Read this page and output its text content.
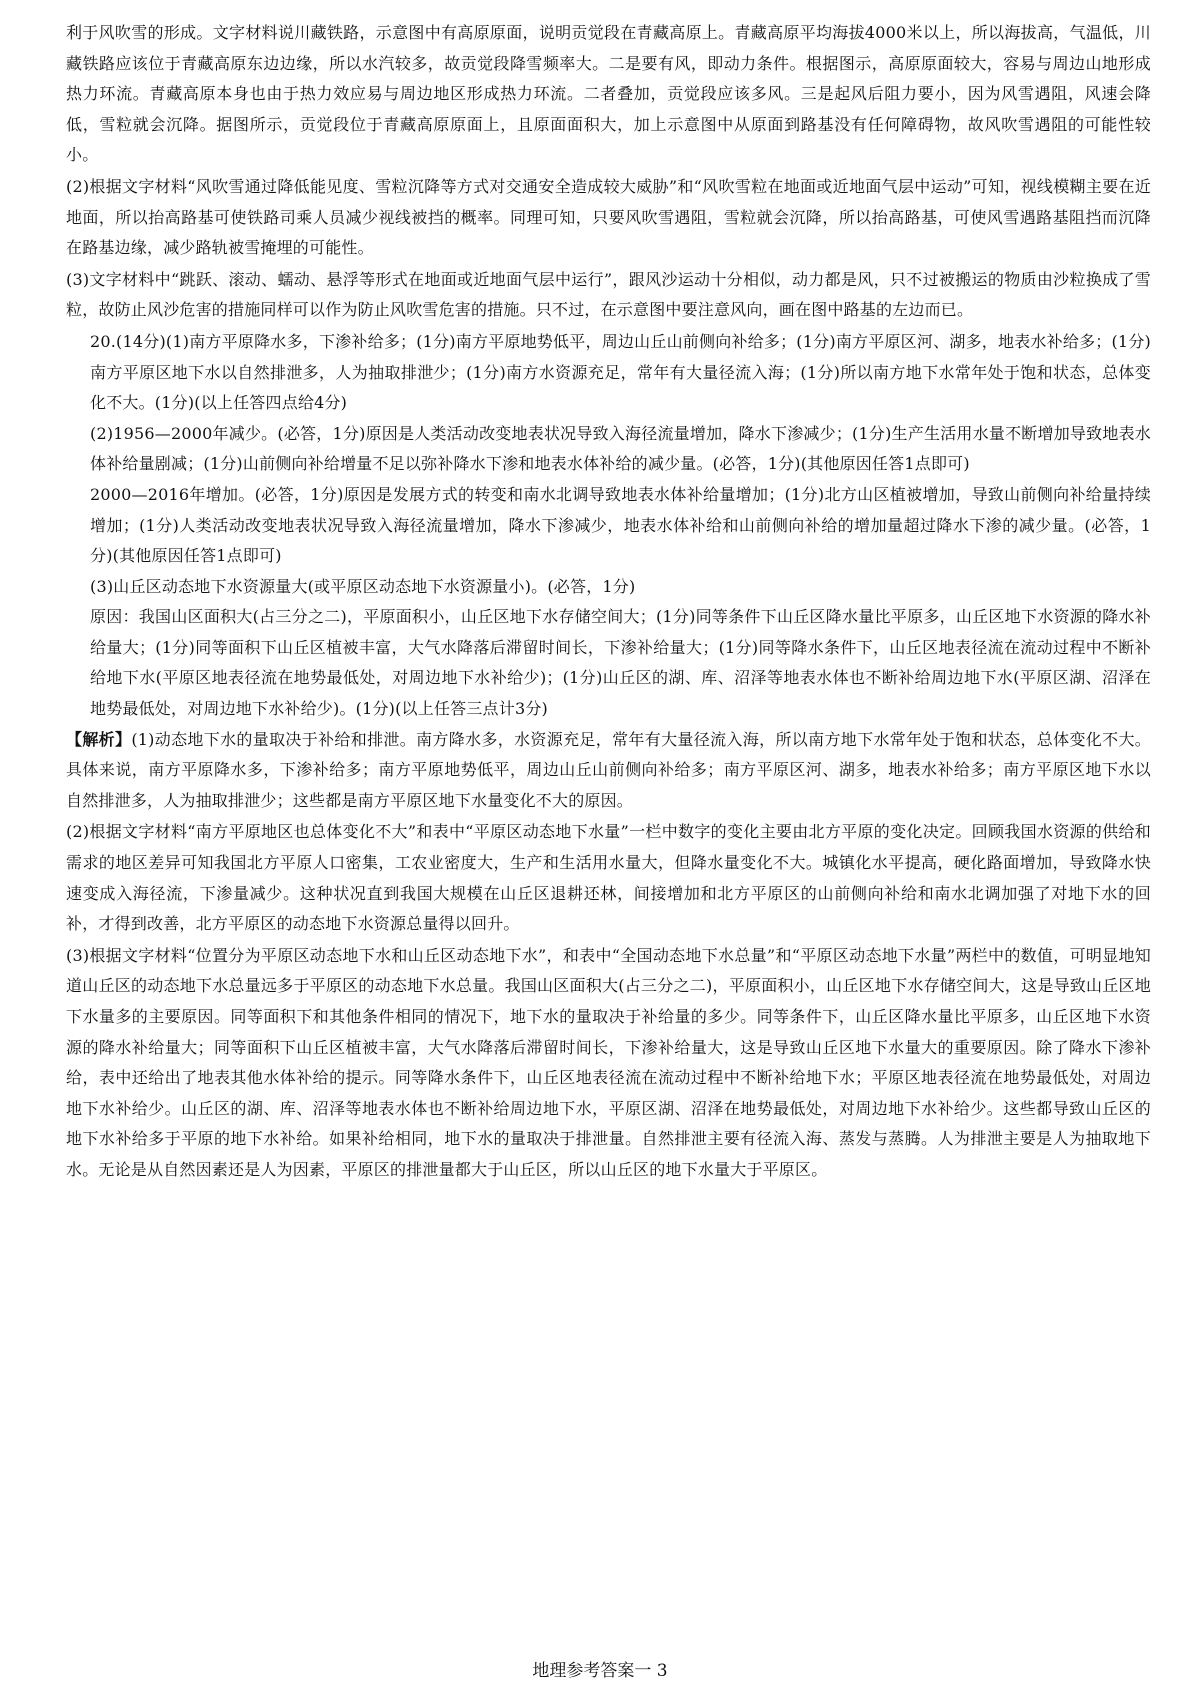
利于风吹雪的形成。文字材料说川藏铁路，示意图中有高原原面，说明贡觉段在青藏高原上。青藏高原平均海拔4000米以上，所以海拔高，气温低，川藏铁路应该位于青藏高原东边边缘，所以水汽较多，故贡觉段降雪频率大。二是要有风，即动力条件。根据图示，高原原面较大，容易与周边山地形成热力环流。青藏高原本身也由于热力效应易与周边地区形成热力环流。二者叠加，贡觉段应该多风。三是起风后阻力要小，因为风雪遇阻，风速会降低，雪粒就会沉降。据图所示，贡觉段位于青藏高原原面上，且原面面积大，加上示意图中从原面到路基没有任何障碍物，故风吹雪遇阻的可能性较小。

(2)根据文字材料“风吹雪通过降低能见度、雪粒沉降等方式对交通安全造成较大威胁”和“风吹雪粒在地面或近地面气层中运动”可知，视线模糊主要在近地面，所以抬高路基可使铁路司乘人员减少视线被挡的概率。同理可知，只要风吹雪遇阻，雪粒就会沉降，所以抬高路基，可使风雪遇路基阻挡而沉降在路基边缘，减少路轨被雪掩埋的可能性。

(3)文字材料中“跳跃、滚动、蠕动、悬浮等形式在地面或近地面气层中运行”，跟风沙运动十分相似，动力都是风，只不过被搬运的物质由沙粒换成了雪粒，故防止风沙危害的措施同样可以作为防止风吹雪危害的措施。只不过，在示意图中要注意风向，画在图中路基的左边而已。

20.(14分)(1)南方平原降水多，下渗补给多；(1分)南方平原地势低平，周边山丘山前侧向补给多；(1分)南方平原区河、湖多，地表水补给多；(1分)南方平原区地下水以自然排泄多，人为抽取排泄少；(1分)南方水资源充足，常年有大量径流入海；(1分)所以南方地下水常年处于饱和状态，总体变化不大。(1分)(以上任答四点给4分)

(2)1956—2000年减少。(必答，1分)原因是人类活动改变地表状况导致入海径流量增加，降水下渗减少；(1分)生产生活用水量不断增加导致地表水体补给量剧减；(1分)山前侧向补给增量不足以弥补降水下渗和地表水体补给的减少量。(必答，1分)(其他原因任答1点即可)

2000—2016年增加。(必答，1分)原因是发展方式的转变和南水北调导致地表水体补给量增加；(1分)北方山区植被增加，导致山前侧向补给量持续增加；(1分)人类活动改变地表状况导致入海径流量增加，降水下渗减少，地表水体补给和山前侧向补给的增加量超过降水下渗的减少量。(必答，1分)(其他原因任答1点即可)

(3)山丘区动态地下水资源量大(或平原区动态地下水资源量小)。(必答，1分)

原因：我国山区面积大(占三分之二)，平原面积小，山丘区地下水存储空间大；(1分)同等条件下山丘区降水量比平原多，山丘区地下水资源的降水补给量大；(1分)同等面积下山丘区植被丰富，大气水降落后滞留时间长，下渗补给量大；(1分)同等降水条件下，山丘区地表径流在流动过程中不断补给地下水(平原区地表径流在地势最低处，对周边地下水补给少)；(1分)山丘区的湖、库、沼泽等地表水体也不断补给周边地下水(平原区湖、沼泽在地势最低处，对周边地下水补给少)。(1分)(以上任答三点计3分)

【解析】(1)动态地下水的量取决于补给和排泄。南方降水多，水资源充足，常年有大量径流入海，所以南方地下水常年处于饱和状态，总体变化不大。具体来说，南方平原降水多，下渗补给多；南方平原地势低平，周边山丘山前侧向补给多；南方平原区河、湖多，地表水补给多；南方平原区地下水以自然排泄多，人为抽取排泄少；这些都是南方平原区地下水量变化不大的原因。

(2)根据文字材料“南方平原地区也总体变化不大”和表中“平原区动态地下水量”一栏中数字的变化主要由北方平原的变化决定。回顾我国水资源的供给和需求的地区差异可知我国北方平原人口密集，工农业密度大，生产和生活用水量大，但降水量变化不大。城镇化水平提高，硬化路面增加，导致降水快速变成入海径流，下渗量减少。这种状况直到我国大规模在山丘区退耕还林，间接增加和北方平原区的山前侧向补给和南水北调加强了对地下水的回补，才得到改善，北方平原区的动态地下水资源总量得以回升。

(3)根据文字材料“位置分为平原区动态地下水和山丘区动态地下水”，和表中“全国动态地下水总量”和“平原区动态地下水量”两栏中的数值，可明显地知道山丘区的动态地下水总量远多于平原区的动态地下水总量。我国山区面积大(占三分之二)，平原面积小，山丘区地下水存储空间大，这是导致山丘区地下水量多的主要原因。同等面积下和其他条件相同的情况下，地下水的量取决于补给量的多少。同等条件下，山丘区降水量比平原多，山丘区地下水资源的降水补给量大；同等面积下山丘区植被丰富，大气水降落后滞留时间长，下渗补给量大，这是导致山丘区地下水量大的重要原因。除了降水下渗补给，表中还给出了地表其他水体补给的提示。同等降水条件下，山丘区地表径流在流动过程中不断补给地下水；平原区地表径流在地势最低处，对周边地下水补给少。山丘区的湖、库、沼泽等地表水体也不断补给周边地下水，平原区湖、沼泽在地势最低处，对周边地下水补给少。这些都导致山丘区的地下水补给多于平原的地下水补给。如果补给相同，地下水的量取决于排泄量。自然排泄主要有径流入海、蒸发与蒸腾。人为排泄主要是人为抽取地下水。无论是从自然因素还是人为因素，平原区的排泄量都大于山丘区，所以山丘区的地下水量大于平原区。

地理参考答案一 3
